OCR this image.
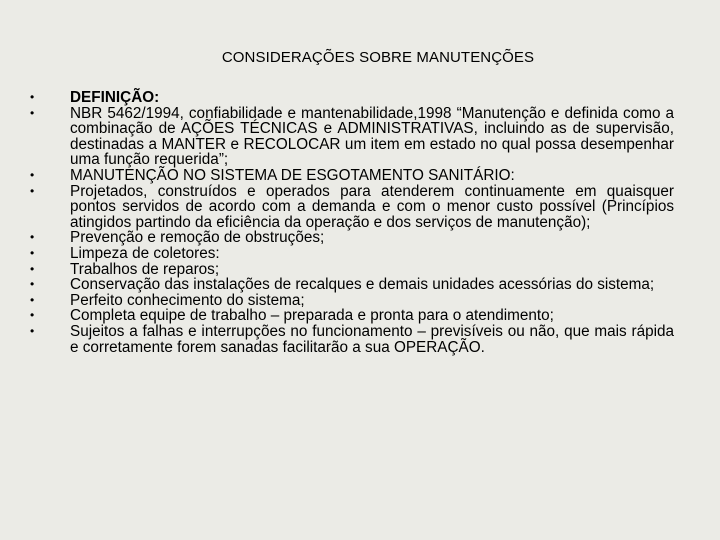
CONSIDERAÇÕES SOBRE MANUTENÇÕES
•	DEFINIÇÃO:
•	NBR 5462/1994, confiabilidade e mantenabilidade,1998 “Manutenção e definida como a combinação de AÇÕES TÉCNICAS e ADMINISTRATIVAS, incluindo as de supervisão, destinadas a MANTER e RECOLOCAR um item em estado no qual possa desempenhar uma função requerida”;
•	MANUTENÇÃO NO SISTEMA DE ESGOTAMENTO SANITÁRIO:
•	Projetados, construídos e operados para atenderem continuamente em quaisquer pontos servidos de acordo com a demanda e com o menor custo possível (Princípios atingidos partindo da eficiência da operação e dos serviços de manutenção);
•	Prevenção e remoção de obstruções;
•	Limpeza de coletores:
•	Trabalhos de reparos;
•	Conservação das instalações de recalques e demais unidades acessórias do sistema;
•	Perfeito conhecimento do sistema;
•	Completa equipe de trabalho – preparada e pronta para o atendimento;
•	Sujeitos a falhas e interrupções no funcionamento – previsíveis ou não, que mais rápida e corretamente forem sanadas facilitarão a sua OPERAÇÃO.
